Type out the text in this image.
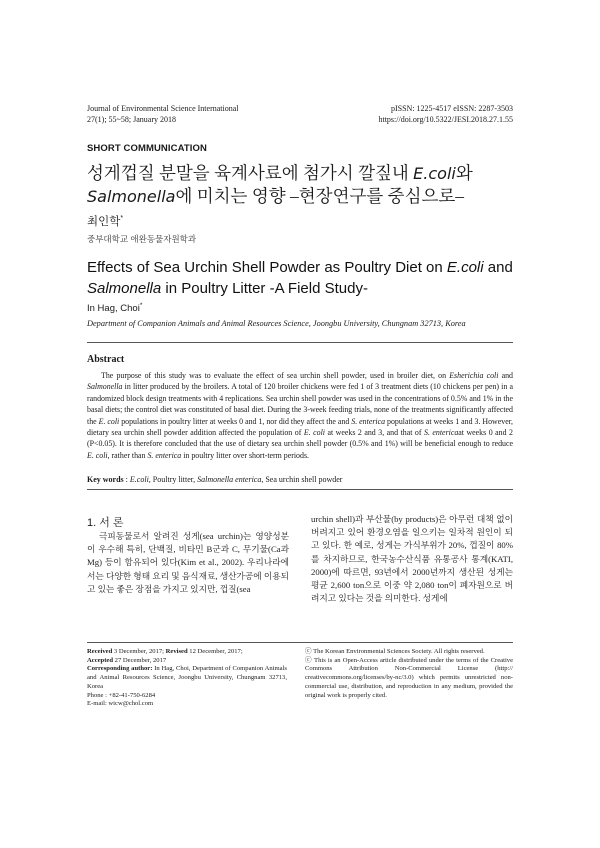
Journal of Environmental Science International
27(1); 55~58; January 2018
pISSN: 1225-4517 eISSN: 2287-3503
https://doi.org/10.5322/JESI.2018.27.1.55
SHORT COMMUNICATION
성게껍질 분말을 육계사료에 첨가시 깔짚내 E.coli와 Salmonella에 미치는 영향 –현장연구를 중심으로–
최인학*
중부대학교 애완동물자원학과
Effects of Sea Urchin Shell Powder as Poultry Diet on E.coli and Salmonella in Poultry Litter -A Field Study-
In Hag, Choi*
Department of Companion Animals and Animal Resources Science, Joongbu University, Chungnam 32713, Korea
Abstract
The purpose of this study was to evaluate the effect of sea urchin shell powder, used in broiler diet, on Esherichia coli and Salmonella in litter produced by the broilers. A total of 120 broiler chickens were fed 1 of 3 treatment diets (10 chickens per pen) in a randomized block design treatments with 4 replications. Sea urchin shell powder was used in the concentrations of 0.5% and 1% in the basal diets; the control diet was constituted of basal diet. During the 3-week feeding trials, none of the treatments significantly affected the E. coli populations in poultry litter at weeks 0 and 1, nor did they affect the and S. enterica populations at weeks 1 and 3. However, dietary sea urchin shell powder addition affected the population of E. coli at weeks 2 and 3, and that of S. entericaat weeks 0 and 2 (P<0.05). It is therefore concluded that the use of dietary sea urchin shell powder (0.5% and 1%) will be beneficial enough to reduce E. coli, rather than S. enterica in poultry litter over short-term periods.
Key words : E.coli, Poultry litter, Salmonella enterica, Sea urchin shell powder
1. 서 론
극피동물로서 알려진 성게(sea urchin)는 영양성분이 우수해 특히, 단백질, 비타민 B군과 C, 무기물(Ca과 Mg) 등이 함유되어 있다(Kim et al., 2002). 우리나라에서는 다양한 형태 요리 및 음식재료, 생산가공에 이용되고 있는 좋은 장점을 가지고 있지만, 껍질(sea
urchin shell)과 부산물(by products)은 아무런 대책 없이 버려지고 있어 환경오염을 일으키는 일차적 원인이 되고 있다. 한 예로, 성게는 가식부위가 20%, 껍질이 80%를 차지하므로, 한국농수산식품 유통공사 통계(KATI, 2000)에 따르면, 93년에서 2000년까지 생산된 성게는 평균 2,600 ton으로 이중 약 2,080 ton이 폐자원으로 버려지고 있다는 것을 의미한다. 성게에
Received 3 December, 2017; Revised 12 December, 2017;
Accepted 27 December, 2017
Corresponding author: In Hag, Choi, Department of Companion Animals and Animal Resources Science, Joongbu University, Chungnam 32713, Korea
Phone : +82-41-750-6284
E-mail: wicw@chol.com
ⓒ The Korean Environmental Sciences Society. All rights reserved.
ⓒ This is an Open-Access article distributed under the terms of the Creative Commons Attribution Non-Commercial License (http:// creativecommons.org/licenses/by-nc/3.0) which permits unrestricted non-commercial use, distribution, and reproduction in any medium, provided the original work is properly cited.
